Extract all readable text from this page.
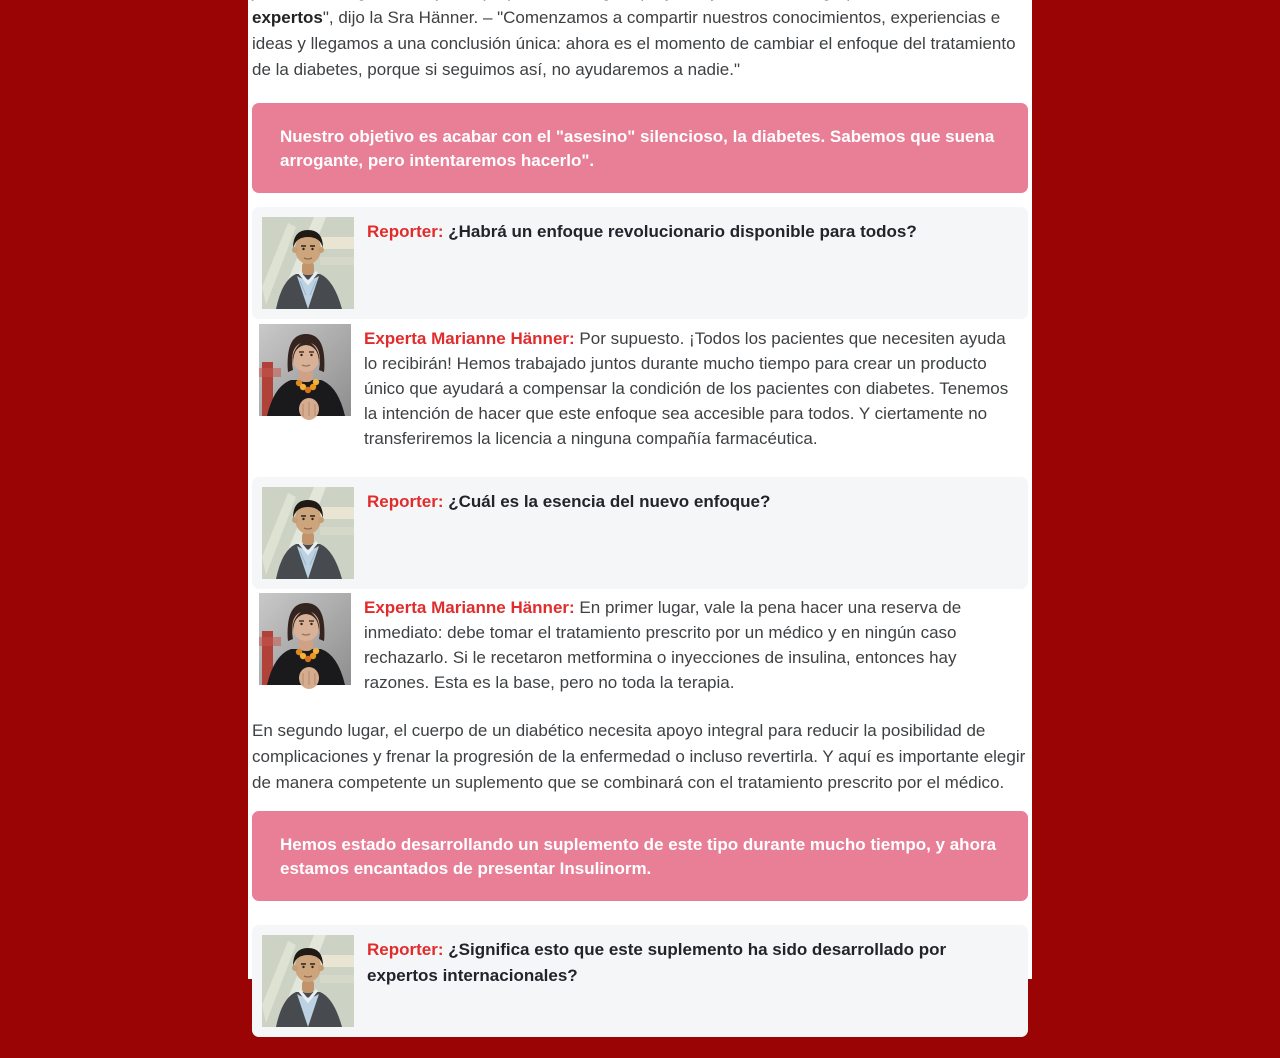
expertos", dijo la Sra Hänner. – "Comenzamos a compartir nuestros conocimientos, experiencias e ideas y llegamos a una conclusión única: ahora es el momento de cambiar el enfoque del tratamiento de la diabetes, porque si seguimos así, no ayudaremos a nadie."

Nuestro objetivo es acabar con el "asesino" silencioso, la diabetes. Sabemos que suena arrogante, pero intentaremos hacerlo".
Reporter: ¿Habrá un enfoque revolucionario disponible para todos?
Experta Marianne Hänner: Por supuesto. ¡Todos los pacientes que necesiten ayuda lo recibirán! Hemos trabajado juntos durante mucho tiempo para crear un producto único que ayudará a compensar la condición de los pacientes con diabetes. Tenemos la intención de hacer que este enfoque sea accesible para todos. Y ciertamente no transferiremos la licencia a ninguna compañía farmacéutica.
Reporter: ¿Cuál es la esencia del nuevo enfoque?
Experta Marianne Hänner: En primer lugar, vale la pena hacer una reserva de inmediato: debe tomar el tratamiento prescrito por un médico y en ningún caso rechazarlo. Si le recetaron metformina o inyecciones de insulina, entonces hay razones. Esta es la base, pero no toda la terapia.

En segundo lugar, el cuerpo de un diabético necesita apoyo integral para reducir la posibilidad de complicaciones y frenar la progresión de la enfermedad o incluso revertirla. Y aquí es importante elegir de manera competente un suplemento que se combinará con el tratamiento prescrito por el médico.

Hemos estado desarrollando un suplemento de este tipo durante mucho tiempo, y ahora estamos encantados de presentar Insulinorm.
Reporter: ¿Significa esto que este suplemento ha sido desarrollado por expertos internacionales?
